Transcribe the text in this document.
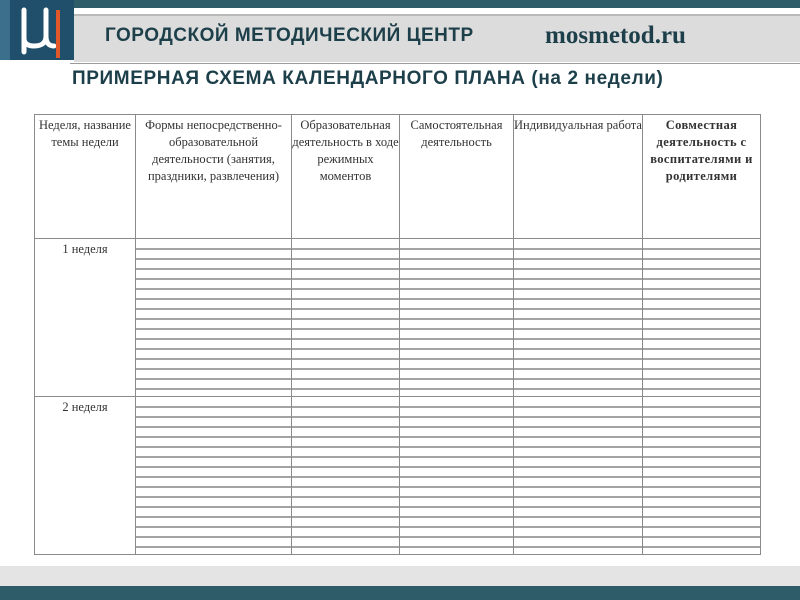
ГОРОДСКОЙ МЕТОДИЧЕСКИЙ ЦЕНТР	mosmetod.ru
ПРИМЕРНАЯ СХЕМА КАЛЕНДАРНОГО ПЛАНА (на 2 недели)
Неделя, название темы недели	Формы непосредственно-образовательной деятельности (занятия, праздники, развлечения)	Образовательная деятельность в ходе режимных моментов	Самостоятельная деятельность	Индивидуальная работа	Совместная деятельность с воспитателями и родителями
1 неделя					
2 неделя					
